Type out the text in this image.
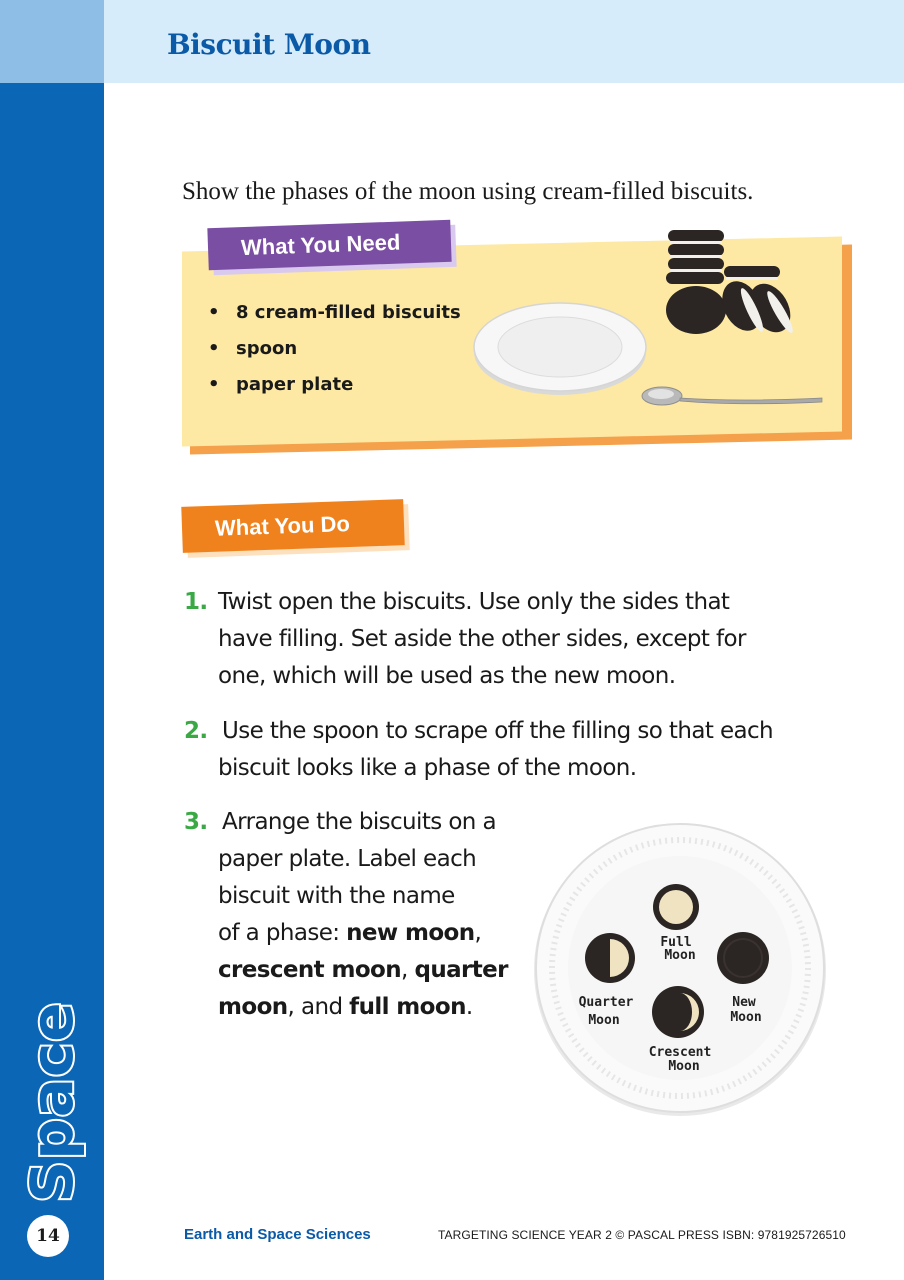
Space
14
Biscuit Moon
Show the phases of the moon using cream-filled biscuits.
What You Need
• 8 cream-filled biscuits
• spoon
• paper plate
What You Do
1. Twist open the biscuits. Use only the sides that
have filling. Set aside the other sides, except for
one, which will be used as the new moon.
2. Use the spoon to scrape off the filling so that each
biscuit looks like a phase of the moon.
3. Arrange the biscuits on a
paper plate. Label each
biscuit with the name
of a phase: new moon,
crescent moon, quarter
moon, and full moon.
Full
Moon
Quarter
Moon
New
Moon
Crescent
Moon
Earth and Space Sciences	TARGETING SCIENCE YEAR 2 © PASCAL PRESS ISBN: 9781925726510
